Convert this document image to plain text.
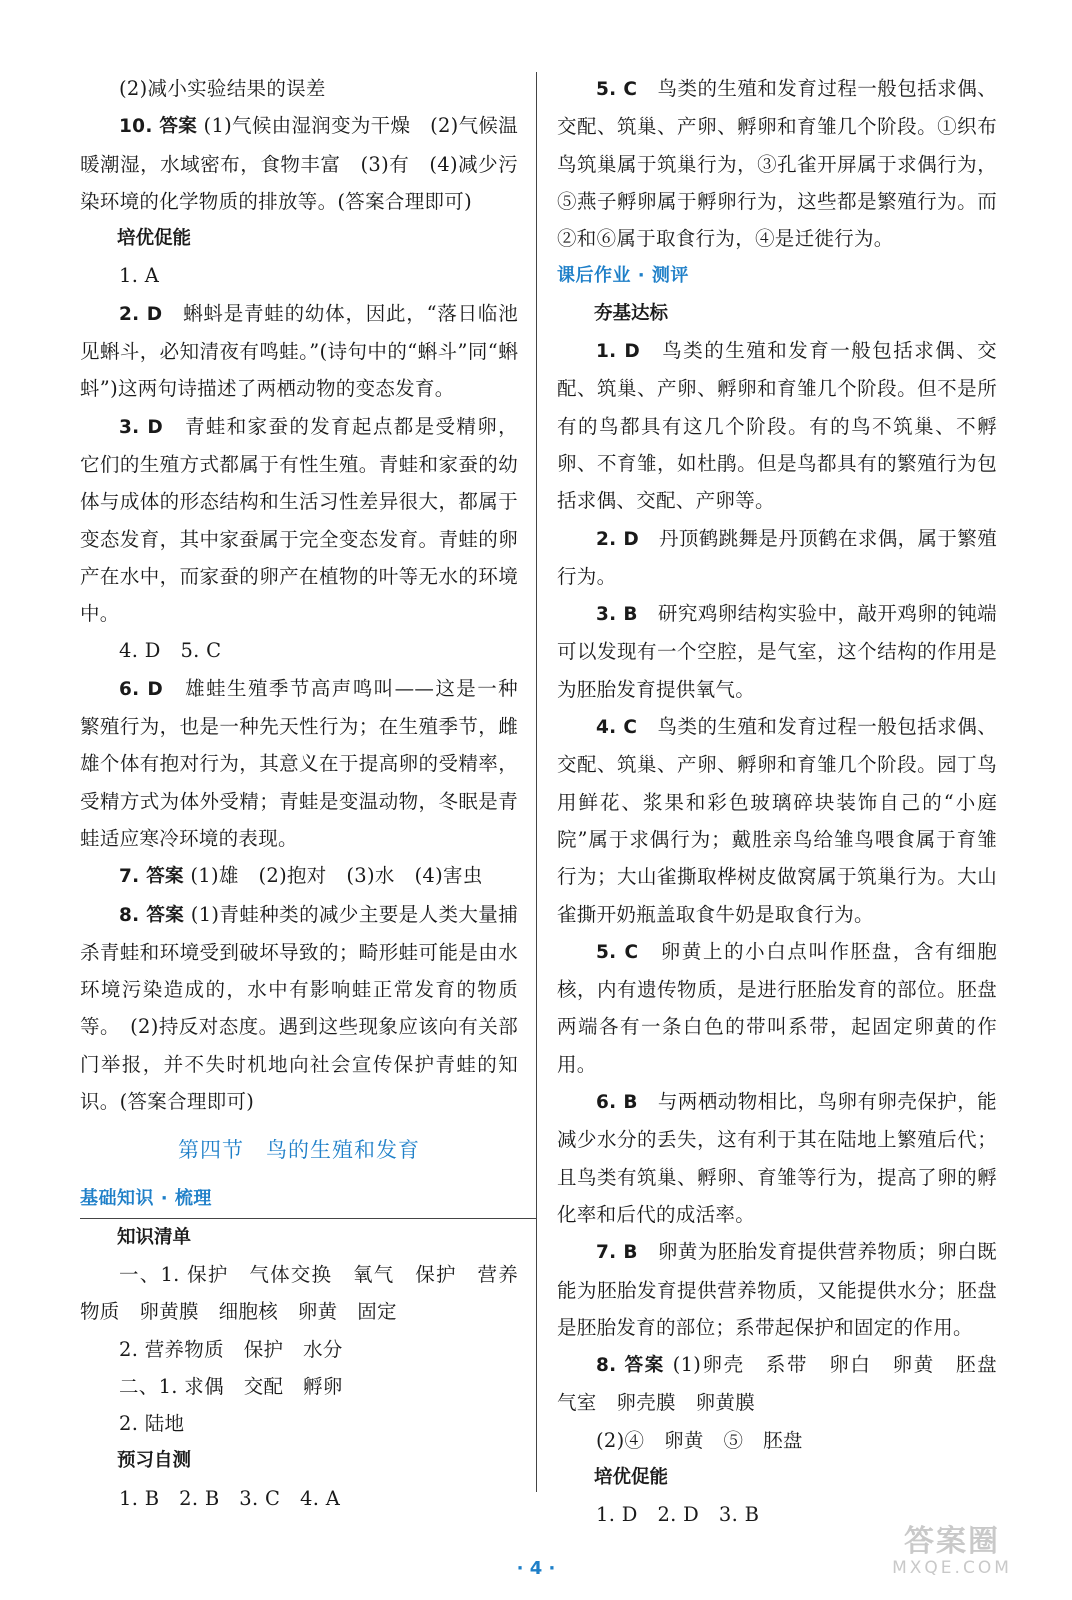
(2)减小实验结果的误差

10. 答案 (1)气候由湿润变为干燥　(2)气候温暖潮湿，水域密布，食物丰富　(3)有　(4)减少污染环境的化学物质的排放等。(答案合理即可)

培优促能

1. A

2. D　蝌蚪是青蛙的幼体，因此，“落日临池见蝌斗，必知清夜有鸣蛙。”(诗句中的“蝌斗”同“蝌蚪”)这两句诗描述了两栖动物的变态发育。

3. D　青蛙和家蚕的发育起点都是受精卵，它们的生殖方式都属于有性生殖。青蛙和家蚕的幼体与成体的形态结构和生活习性差异很大，都属于变态发育，其中家蚕属于完全变态发育。青蛙的卵产在水中，而家蚕的卵产在植物的叶等无水的环境中。

4. D　5. C

6. D　雄蛙生殖季节高声鸣叫——这是一种繁殖行为，也是一种先天性行为；在生殖季节，雌雄个体有抱对行为，其意义在于提高卵的受精率，受精方式为体外受精；青蛙是变温动物，冬眠是青蛙适应寒冷环境的表现。

7. 答案 (1)雄　(2)抱对　(3)水　(4)害虫

8. 答案 (1)青蛙种类的减少主要是人类大量捕杀青蛙和环境受到破坏导致的；畸形蛙可能是由水环境污染造成的，水中有影响蛙正常发育的物质等。　(2)持反对态度。遇到这些现象应该向有关部门举报，并不失时机地向社会宣传保护青蛙的知识。(答案合理即可)

第四节　鸟的生殖和发育

基础知识 · 梳理

知识清单

一、1. 保护　气体交换　氧气　保护　营养物质　卵黄膜　细胞核　卵黄　固定

2. 营养物质　保护　水分

二、1. 求偶　交配　孵卵

2. 陆地

预习自测

1. B　2. B　3. C　4. A

5. C　鸟类的生殖和发育过程一般包括求偶、交配、筑巢、产卵、孵卵和育雏几个阶段。①织布鸟筑巢属于筑巢行为，③孔雀开屏属于求偶行为，⑤燕子孵卵属于孵卵行为，这些都是繁殖行为。而②和⑥属于取食行为，④是迁徙行为。

课后作业 · 测评

夯基达标

1. D　鸟类的生殖和发育一般包括求偶、交配、筑巢、产卵、孵卵和育雏几个阶段。但不是所有的鸟都具有这几个阶段。有的鸟不筑巢、不孵卵、不育雏，如杜鹃。但是鸟都具有的繁殖行为包括求偶、交配、产卵等。

2. D　丹顶鹤跳舞是丹顶鹤在求偶，属于繁殖行为。

3. B　研究鸡卵结构实验中，敲开鸡卵的钝端可以发现有一个空腔，是气室，这个结构的作用是为胚胎发育提供氧气。

4. C　鸟类的生殖和发育过程一般包括求偶、交配、筑巢、产卵、孵卵和育雏几个阶段。园丁鸟用鲜花、浆果和彩色玻璃碎块装饰自己的“小庭院”属于求偶行为；戴胜亲鸟给雏鸟喂食属于育雏行为；大山雀撕取桦树皮做窝属于筑巢行为。大山雀撕开奶瓶盖取食牛奶是取食行为。

5. C　卵黄上的小白点叫作胚盘，含有细胞核，内有遗传物质，是进行胚胎发育的部位。胚盘两端各有一条白色的带叫系带，起固定卵黄的作用。

6. B　与两栖动物相比，鸟卵有卵壳保护，能减少水分的丢失，这有利于其在陆地上繁殖后代；且鸟类有筑巢、孵卵、育雏等行为，提高了卵的孵化率和后代的成活率。

7. B　卵黄为胚胎发育提供营养物质；卵白既能为胚胎发育提供营养物质，又能提供水分；胚盘是胚胎发育的部位；系带起保护和固定的作用。

8. 答案 (1)卵壳　系带　卵白　卵黄　胚盘　气室　卵壳膜　卵黄膜

(2)④　卵黄　⑤　胚盘

培优促能

1. D　2. D　3. B

· 4 ·
答案圈
MXQE.COM
